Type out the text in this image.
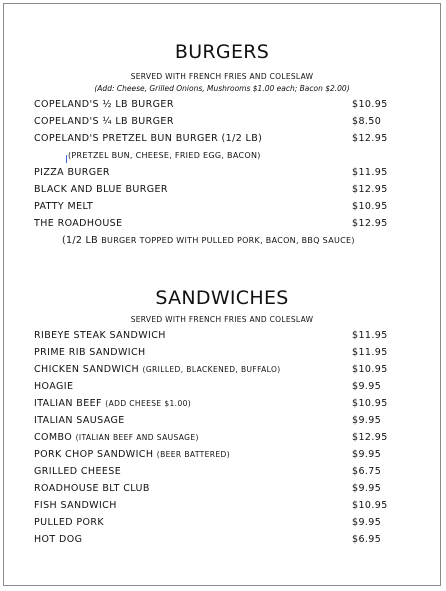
BURGERS
SERVED WITH FRENCH FRIES AND COLESLAW
(Add: Cheese, Grilled Onions, Mushrooms $1.00 each; Bacon $2.00)
COPELAND'S ½ LB BURGER	$10.95
COPELAND'S ¼ LB BURGER	$8.50
COPELAND'S PRETZEL BUN BURGER (1/2 LB)	$12.95
(PRETZEL BUN, CHEESE, FRIED EGG, BACON)
PIZZA BURGER	$11.95
BLACK AND BLUE BURGER	$12.95
PATTY MELT	$10.95
THE ROADHOUSE	$12.95
(1/2 LB BURGER TOPPED WITH PULLED PORK, BACON, BBQ SAUCE)
SANDWICHES
SERVED WITH FRENCH FRIES AND COLESLAW
RIBEYE STEAK SANDWICH	$11.95
PRIME RIB SANDWICH	$11.95
CHICKEN SANDWICH (GRILLED, BLACKENED, BUFFALO)	$10.95
HOAGIE	$9.95
ITALIAN BEEF (ADD CHEESE $1.00)	$10.95
ITALIAN SAUSAGE	$9.95
COMBO (ITALIAN BEEF AND SAUSAGE)	$12.95
PORK CHOP SANDWICH (BEER BATTERED)	$9.95
GRILLED CHEESE	$6.75
ROADHOUSE BLT CLUB	$9.95
FISH SANDWICH	$10.95
PULLED PORK	$9.95
HOT DOG	$6.95
